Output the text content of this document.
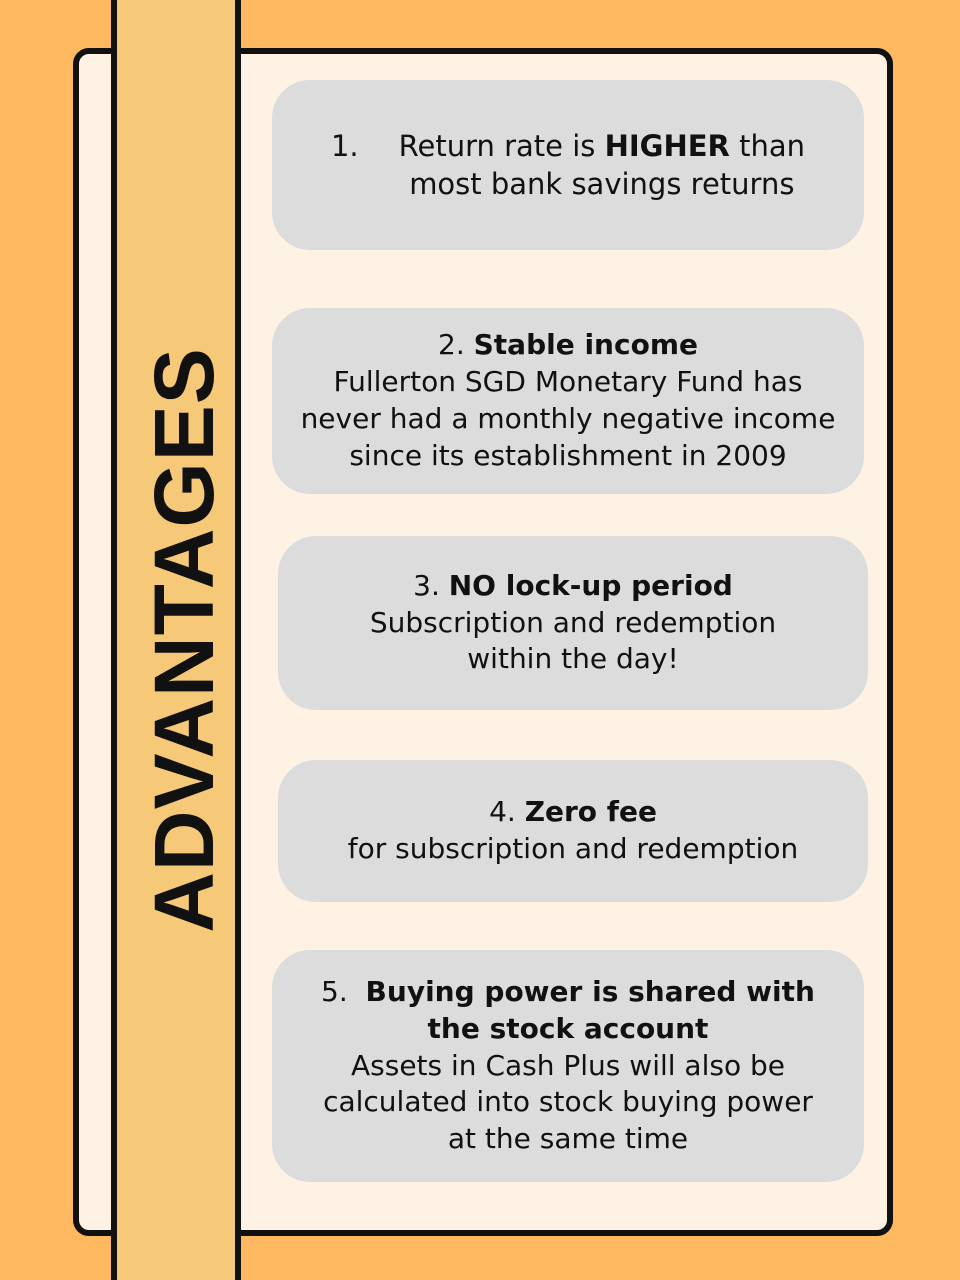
ADVANTAGES
1. Return rate is HIGHER than
most bank savings returns
2. Stable income
Fullerton SGD Monetary Fund has
never had a monthly negative income
since its establishment in 2009
3. NO lock-up period
Subscription and redemption
within the day!
4. Zero fee
for subscription and redemption
5. Buying power is shared with
the stock account
Assets in Cash Plus will also be
calculated into stock buying power
at the same time
